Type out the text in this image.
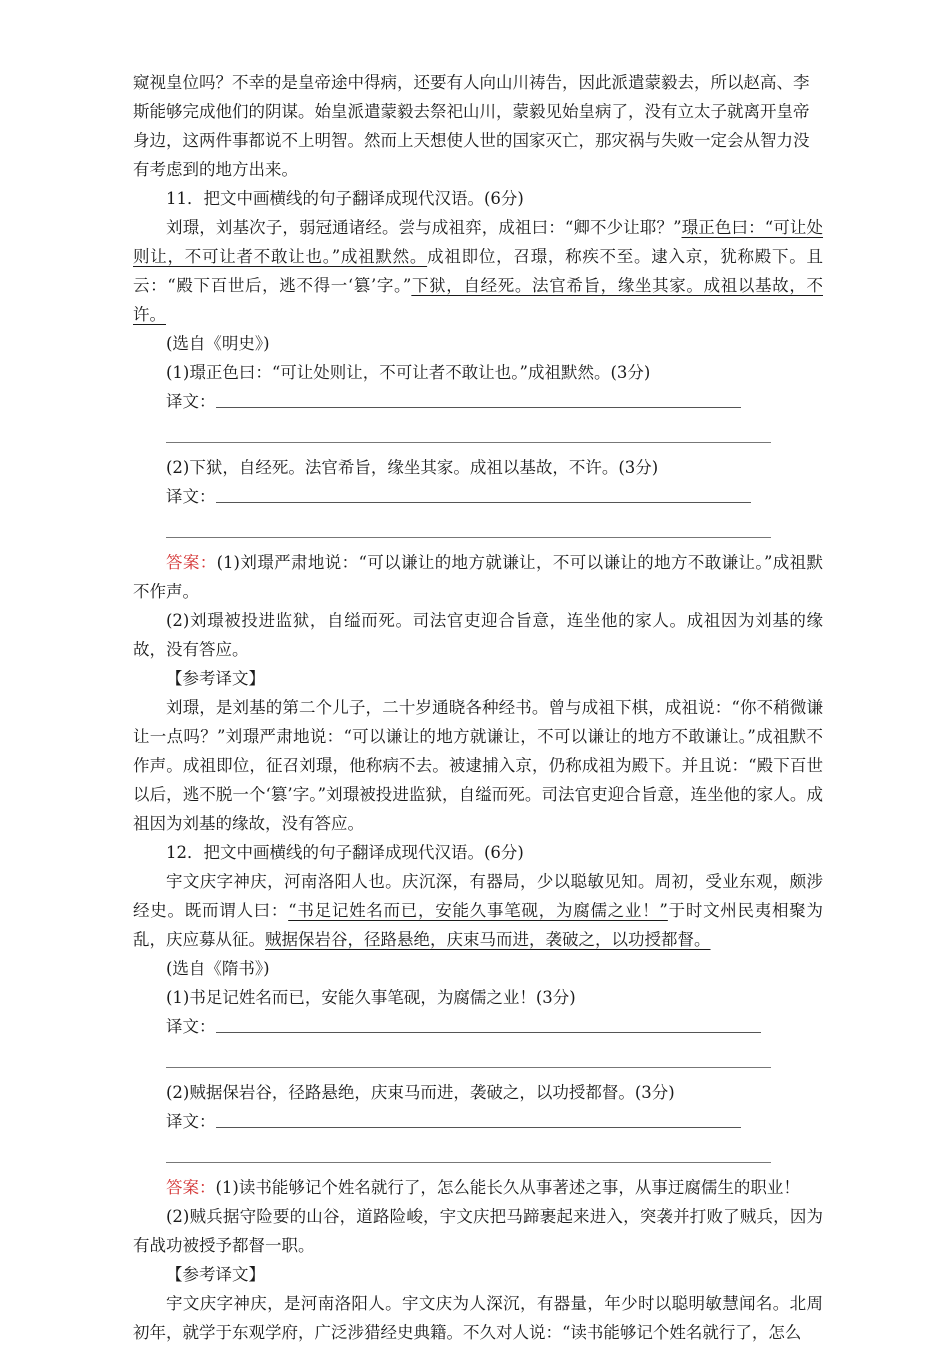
窥视皇位吗？不幸的是皇帝途中得病，还要有人向山川祷告，因此派遣蒙毅去，所以赵高、李

斯能够完成他们的阴谋。始皇派遣蒙毅去祭祀山川，蒙毅见始皇病了，没有立太子就离开皇帝

身边，这两件事都说不上明智。然而上天想使人世的国家灭亡，那灾祸与失败一定会从智力没

有考虑到的地方出来。

11．把文中画横线的句子翻译成现代汉语。(6分)

刘璟，刘基次子，弱冠通诸经。尝与成祖弈，成祖曰：“卿不少让耶？”璟正色曰：“可让处则让，不可让者不敢让也。”成祖默然。成祖即位，召璟，称疾不至。逮入京，犹称殿下。且云：“殿下百世后，逃不得一‘篡’字。”下狱，自经死。法官希旨，缘坐其家。成祖以基故，不许。

(选自《明史》)

(1)璟正色曰：“可让处则让，不可让者不敢让也。”成祖默然。(3分)

译文：

(2)下狱，自经死。法官希旨，缘坐其家。成祖以基故，不许。(3分)

译文：

答案：(1)刘璟严肃地说：“可以谦让的地方就谦让，不可以谦让的地方不敢谦让。”成祖默不作声。

(2)刘璟被投进监狱，自缢而死。司法官吏迎合旨意，连坐他的家人。成祖因为刘基的缘故，没有答应。

【参考译文】

刘璟，是刘基的第二个儿子，二十岁通晓各种经书。曾与成祖下棋，成祖说：“你不稍微谦让一点吗？”刘璟严肃地说：“可以谦让的地方就谦让，不可以谦让的地方不敢谦让。”成祖默不作声。成祖即位，征召刘璟，他称病不去。被逮捕入京，仍称成祖为殿下。并且说：“殿下百世以后，逃不脱一个‘篡’字。”刘璟被投进监狱，自缢而死。司法官吏迎合旨意，连坐他的家人。成祖因为刘基的缘故，没有答应。

12．把文中画横线的句子翻译成现代汉语。(6分)

宇文庆字神庆，河南洛阳人也。庆沉深，有器局，少以聪敏见知。周初，受业东观，颇涉经史。既而谓人曰：“书足记姓名而已，安能久事笔砚，为腐儒之业！”于时文州民夷相聚为乱，庆应募从征。贼据保岩谷，径路悬绝，庆束马而进，袭破之，以功授都督。

(选自《隋书》)

(1)书足记姓名而已，安能久事笔砚，为腐儒之业！(3分)

译文：

(2)贼据保岩谷，径路悬绝，庆束马而进，袭破之，以功授都督。(3分)

译文：

答案：(1)读书能够记个姓名就行了，怎么能长久从事著述之事，从事迂腐儒生的职业！

(2)贼兵据守险要的山谷，道路险峻，宇文庆把马蹄裹起来进入，突袭并打败了贼兵，因为有战功被授予都督一职。

【参考译文】

宇文庆字神庆，是河南洛阳人。宇文庆为人深沉，有器量，年少时以聪明敏慧闻名。北周初年，就学于东观学府，广泛涉猎经史典籍。不久对人说：“读书能够记个姓名就行了，怎么
